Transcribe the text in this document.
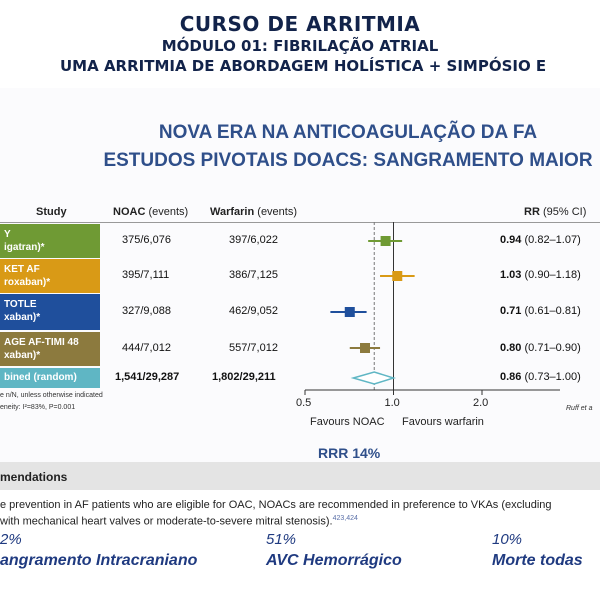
CURSO DE ARRITMIA
MÓDULO 01: FIBRILAÇÃO ATRIAL
UMA ARRITMIA DE ABORDAGEM HOLÍSTICA + SIMPÓSIO E
NOVA ERA NA ANTICOAGULAÇÃO DA FA
ESTUDOS PIVOTAIS DOACS: SANGRAMENTO MAIOR
Study	NOAC (events) Warfarin (events)	RR (95% CI)
Y
igatran)*
375/6,076	397/6,022	0.94 (0.82–1.07)
KET AF
roxaban)*
395/7,111	386/7,125	1.03 (0.90–1.18)
TOTLE
xaban)*
327/9,088	462/9,052	0.71 (0.61–0.81)
AGE AF-TIMI 48
xaban)*
444/7,012	557/7,012	0.80 (0.71–0.90)
bined (random)	1,541/29,287	1,802/29,211	0.86 (0.73–1.00)
0.5	1.0	2.0
e n/N, unless otherwise indicated
eneity: I²=83%, P=0.001	Ruff et a
Favours NOAC Favours warfarin
RRR 14%
mendations
e prevention in AF patients who are eligible for OAC, NOACs are recommended in preference to VKAs (excluding
with mechanical heart valves or moderate-to-severe mitral stenosis).$^{423,424}$
2%
angramento Intracraniano
51%
AVC Hemorrágico
10%
Morte todas
